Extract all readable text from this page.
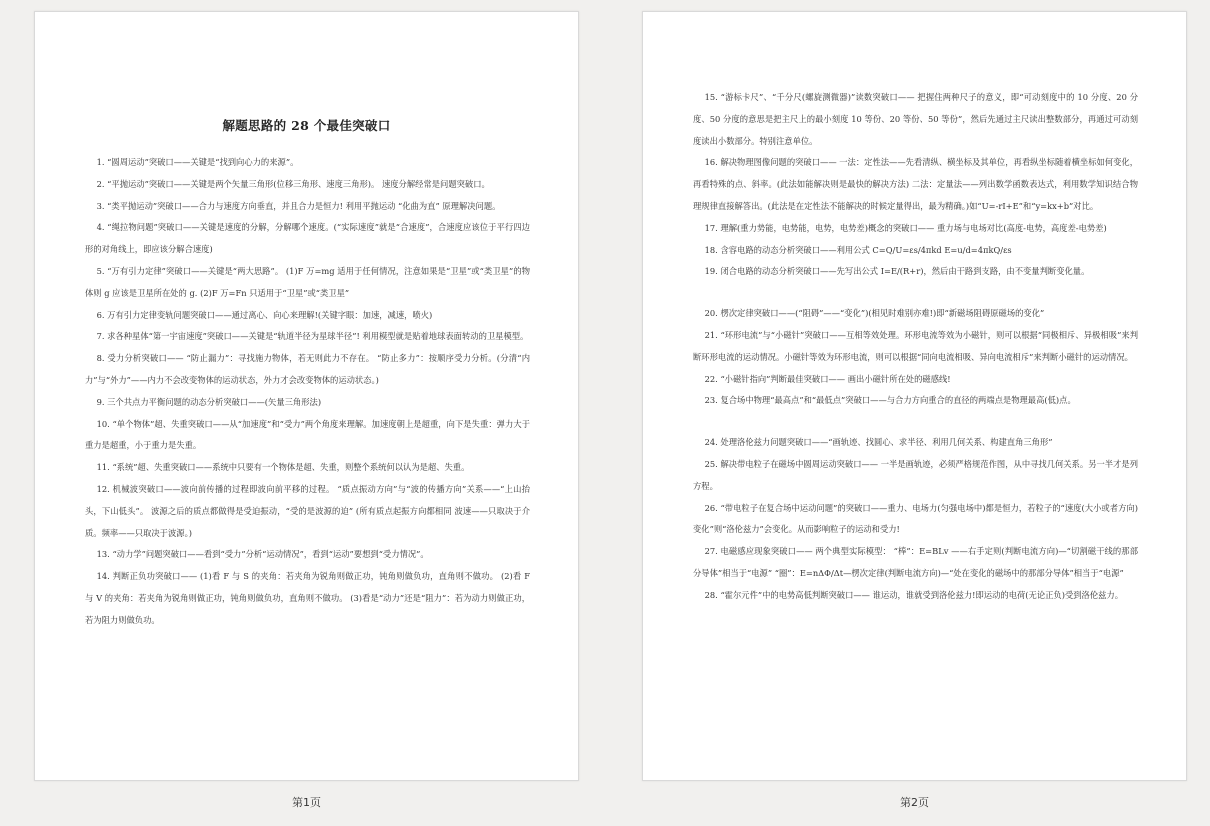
解题思路的 28 个最佳突破口

1. “圆周运动”突破口——关键是“找到向心力的来源”。

2. “平抛运动”突破口——关键是两个矢量三角形(位移三角形、速度三角形)。 速度分解经常是问题突破口。

3. “类平抛运动”突破口——合力与速度方向垂直，并且合力是恒力! 利用平抛运动 “化曲为直” 原理解决问题。

4. “绳拉物问题”突破口——关键是速度的分解，分解哪个速度。(“实际速度”就是“合速度”，合速度应该位于平行四边形的对角线上，即应该分解合速度)

5. “万有引力定律”突破口——关键是“两大思路”。 (1)F 万=mg 适用于任何情况，注意如果是“卫星”或“类卫星”的物体则 g 应该是卫星所在处的 g. (2)F 万=Fn 只适用于“卫星”或“类卫星”

6. 万有引力定律变轨问题突破口——通过离心、向心来理解!(关键字眼：加速，减速，喷火)

7. 求各种星体“第一宇宙速度”突破口——关键是“轨道半径为星球半径”! 利用模型就是贴着地球表面转动的卫星模型。

8. 受力分析突破口—— “防止漏力”：寻找施力物体，若无则此力不存在。 “防止多力”：按顺序受力分析。(分清“内力”与“外力”——内力不会改变物体的运动状态，外力才会改变物体的运动状态。)

9. 三个共点力平衡问题的动态分析突破口——(矢量三角形法)

10. “单个物体”超、失重突破口——从“加速度”和“受力”两个角度来理解。加速度朝上是超重，向下是失重：弹力大于重力是超重，小于重力是失重。

11. “系统”超、失重突破口——系统中只要有一个物体是超、失重，则整个系统何以认为是超、失重。

12. 机械波突破口——波向前传播的过程即波向前平移的过程。 “质点振动方向”与“波的传播方向”关系——“上山抬头，下山低头”。 波源之后的质点都做得是受迫振动，“受的是波源的迫” (所有质点起振方向都相同 波速——只取决于介质。频率——只取决于波源。)

13. “动力学”问题突破口——看到“受力”分析“运动情况”，看到“运动”要想到“受力情况”。

14. 判断正负功突破口—— (1)看 F 与 S 的夹角：若夹角为锐角则做正功，钝角则做负功，直角则不做功。 (2)看 F 与 V 的夹角：若夹角为锐角则做正功，钝角则做负功，直角则不做功。 (3)看是“动力”还是“阻力”：若为动力则做正功，若为阻力则做负功。

15. “游标卡尺”、“千分尺(螺旋测微器)”读数突破口—— 把握住两种尺子的意义，即“可动刻度中的 10 分度、20 分度、50 分度的意思是把主尺上的最小刻度 10 等份、20 等份、50 等份”，然后先通过主尺读出整数部分，再通过可动刻度读出小数部分。特别注意单位。

16. 解决物理图像问题的突破口—— 一法：定性法——先看清纵、横坐标及其单位，再看纵坐标随着横坐标如何变化，再看特殊的点、斜率。(此法如能解决则是最快的解决方法) 二法：定量法——列出数学函数表达式，利用数学知识结合物理规律直接解答出。(此法是在定性法不能解决的时候定量得出，最为精确。)如“U=-rI+E”和“y=kx+b”对比。

17. 理解(重力势能，电势能，电势，电势差)概念的突破口—— 重力场与电场对比(高度-电势，高度差-电势差)

18. 含容电路的动态分析突破口——利用公式 C=Q/U=εs/4πkd E=u/d=4πkQ/εs

19. 闭合电路的动态分析突破口——先写出公式 I=E/(R+r)，然后由干路到支路，由不变量判断变化量。

20. 楞次定律突破口——(“阻碍”——“变化”)(相见时难别亦难!)即“新磁场阻碍原磁场的变化”

21. “环形电流”与“小磁针”突破口——互相等效处理。环形电流等效为小磁针，则可以根据“同极相斥、异极相吸”来判断环形电流的运动情况。小磁针等效为环形电流，则可以根据“同向电流相吸、异向电流相斥”来判断小磁针的运动情况。

22. “小磁针指向”判断最佳突破口—— 画出小磁针所在处的磁感线!

23. 复合场中物理“最高点”和“最低点”突破口——与合力方向重合的直径的两端点是物理最高(低)点。

24. 处理洛伦兹力问题突破口——“画轨迹、找圆心、求半径、利用几何关系、构建直角三角形”

25. 解决带电粒子在磁场中圆周运动突破口—— 一半是画轨迹，必须严格规范作图，从中寻找几何关系。另一半才是列方程。

26. “带电粒子在复合场中运动问题”的突破口——重力、电场力(匀强电场中)都是恒力，若粒子的“速度(大小或者方向)变化”则“洛伦兹力”会变化。从而影响粒子的运动和受力!

27. 电磁感应现象突破口—— 两个典型实际模型： “棒”：E=BLv ——右手定则(判断电流方向)—“切割磁干线的那部分导体”相当于“电源” “圈”：E=nΔΦ/Δt—楞次定律(判断电流方向)—“处在变化的磁场中的那部分导体”相当于“电源”

28. “霍尔元件”中的电势高低判断突破口—— 谁运动，谁就受到洛伦兹力!即运动的电荷(无论正负)受到洛伦兹力。

第1页	第2页
